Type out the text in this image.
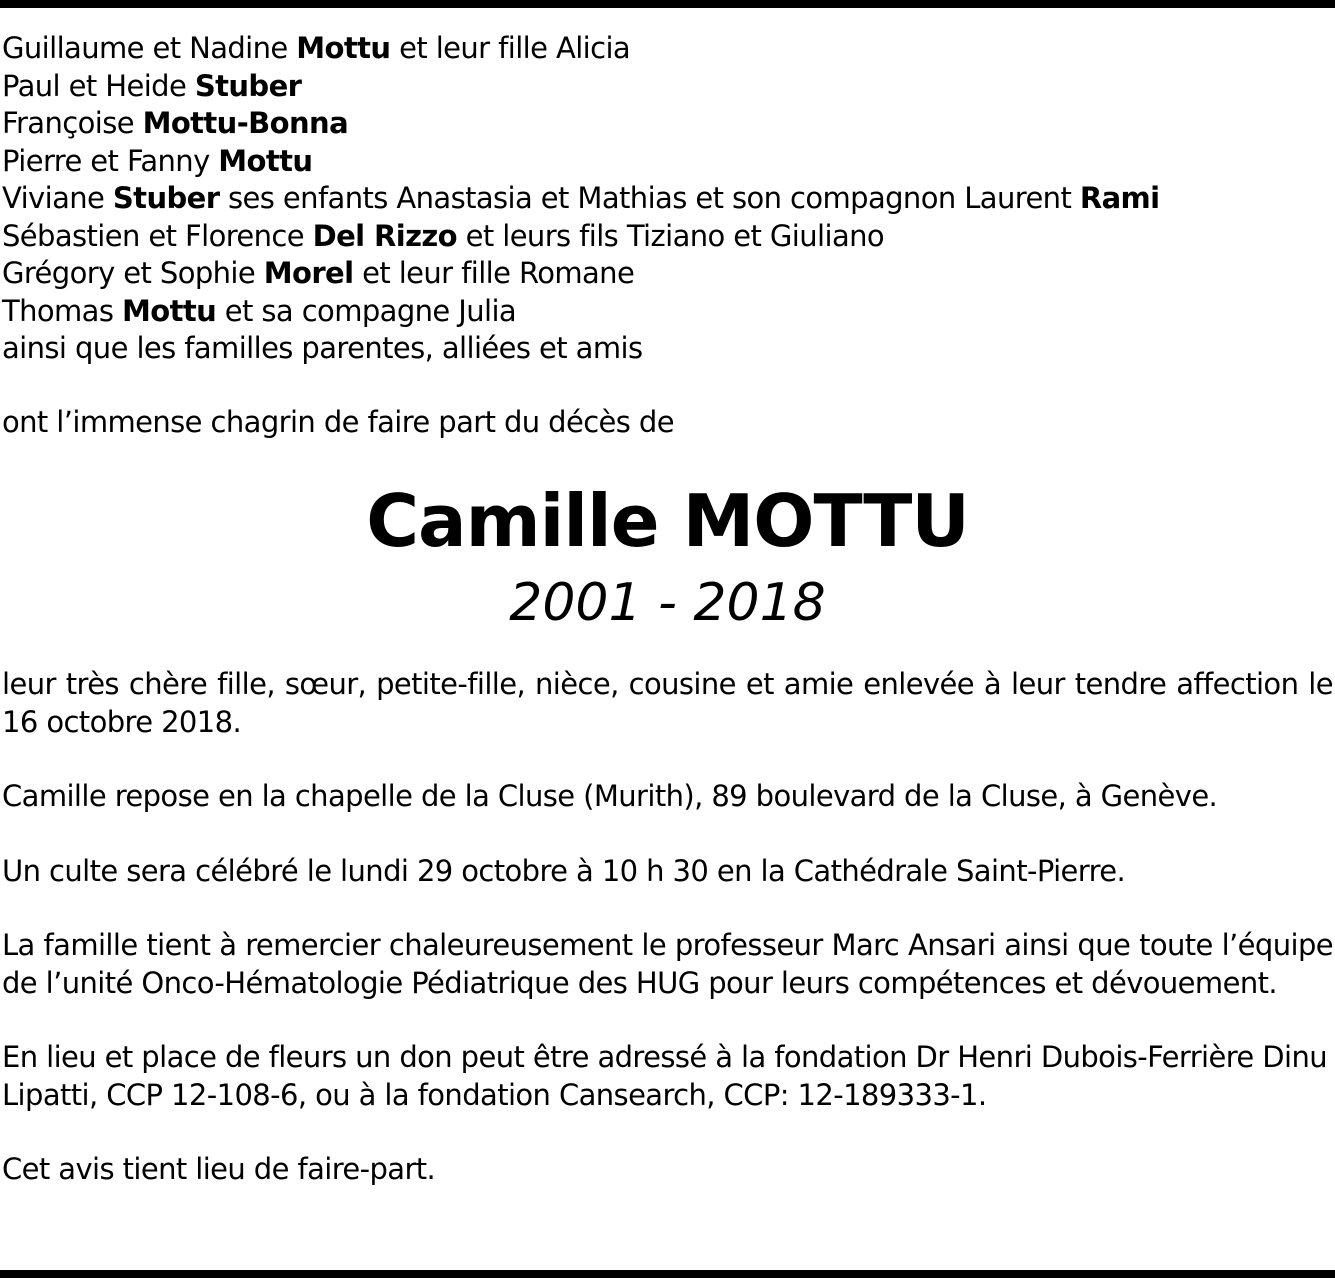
Guillaume et Nadine Mottu et leur fille Alicia
Paul et Heide Stuber
Françoise Mottu-Bonna
Pierre et Fanny Mottu
Viviane Stuber ses enfants Anastasia et Mathias et son compagnon Laurent Rami
Sébastien et Florence Del Rizzo et leurs fils Tiziano et Giuliano
Grégory et Sophie Morel et leur fille Romane
Thomas Mottu et sa compagne Julia
ainsi que les familles parentes, alliées et amis
ont l’immense chagrin de faire part du décès de
Camille MOTTU
2001 - 2018
leur très chère fille, sœur, petite-fille, nièce, cousine et amie enlevée à leur tendre affection le 16 octobre 2018.
Camille repose en la chapelle de la Cluse (Murith), 89 boulevard de la Cluse, à Genève.
Un culte sera célébré le lundi 29 octobre à 10 h 30 en la Cathédrale Saint-Pierre.
La famille tient à remercier chaleureusement le professeur Marc Ansari ainsi que toute l’équipe de l’unité Onco-Hématologie Pédiatrique des HUG pour leurs compétences et dévouement.
En lieu et place de fleurs un don peut être adressé à la fondation Dr Henri Dubois-Ferrière Dinu Lipatti, CCP 12-108-6, ou à la fondation Cansearch, CCP: 12-189333-1.
Cet avis tient lieu de faire-part.
